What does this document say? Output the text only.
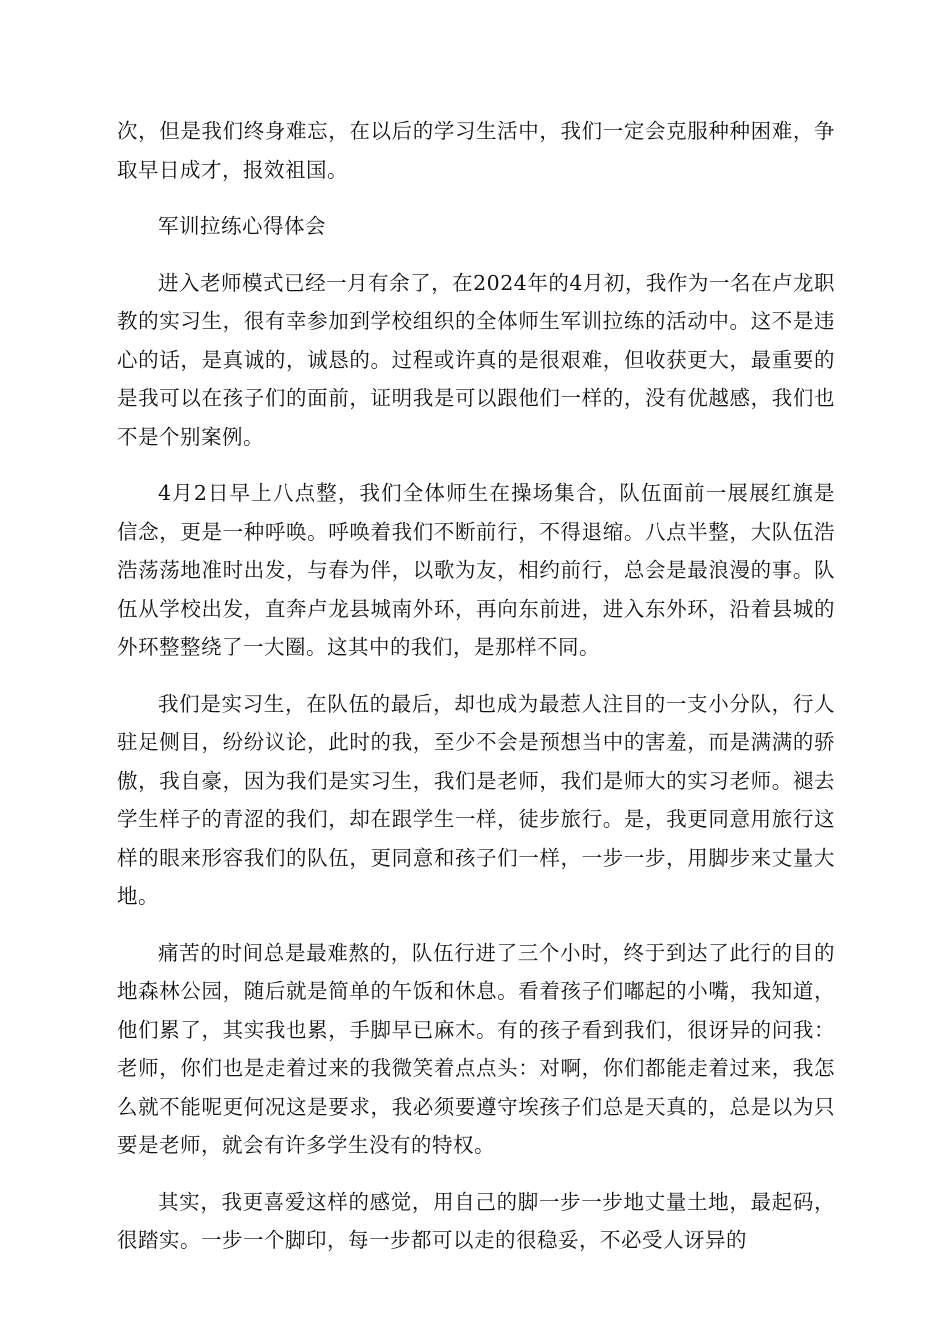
次，但是我们终身难忘，在以后的学习生活中，我们一定会克服种种困难，争取早日成才，报效祖国。

军训拉练心得体会

进入老师模式已经一月有余了，在2024年的4月初，我作为一名在卢龙职教的实习生，很有幸参加到学校组织的全体师生军训拉练的活动中。这不是违心的话，是真诚的，诚恳的。过程或许真的是很艰难，但收获更大，最重要的是我可以在孩子们的面前，证明我是可以跟他们一样的，没有优越感，我们也不是个别案例。

4月2日早上八点整，我们全体师生在操场集合，队伍面前一展展红旗是信念，更是一种呼唤。呼唤着我们不断前行，不得退缩。八点半整，大队伍浩浩荡荡地准时出发，与春为伴，以歌为友，相约前行，总会是最浪漫的事。队伍从学校出发，直奔卢龙县城南外环，再向东前进，进入东外环，沿着县城的外环整整绕了一大圈。这其中的我们，是那样不同。

我们是实习生，在队伍的最后，却也成为最惹人注目的一支小分队，行人驻足侧目，纷纷议论，此时的我，至少不会是预想当中的害羞，而是满满的骄傲，我自豪，因为我们是实习生，我们是老师，我们是师大的实习老师。褪去学生样子的青涩的我们，却在跟学生一样，徒步旅行。是，我更同意用旅行这样的眼来形容我们的队伍，更同意和孩子们一样，一步一步，用脚步来丈量大地。

痛苦的时间总是最难熬的，队伍行进了三个小时，终于到达了此行的目的地森林公园，随后就是简单的午饭和休息。看着孩子们嘟起的小嘴，我知道，他们累了，其实我也累，手脚早已麻木。有的孩子看到我们，很讶异的问我：老师，你们也是走着过来的我微笑着点点头：对啊，你们都能走着过来，我怎么就不能呢更何况这是要求，我必须要遵守埃孩子们总是天真的，总是以为只要是老师，就会有许多学生没有的特权。

其实，我更喜爱这样的感觉，用自己的脚一步一步地丈量土地，最起码，很踏实。一步一个脚印，每一步都可以走的很稳妥，不必受人讶异的
